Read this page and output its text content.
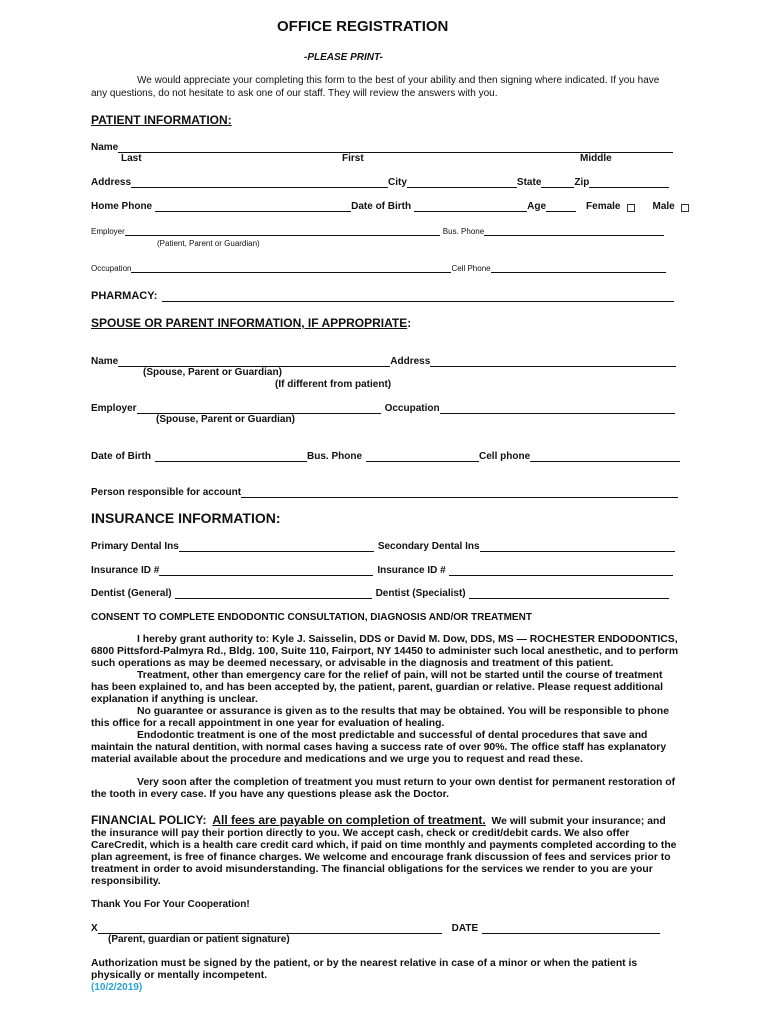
OFFICE REGISTRATION
-PLEASE PRINT-
We would appreciate your completing this form to the best of your ability and then signing where indicated. If you have
any questions, do not hesitate to ask one of our staff. They will review the answers with you.
PATIENT INFORMATION:
Name
Last	First	Middle
Address	City	State	Zip
Home Phone	Date of Birth	Age	Female	Male
Employer	Bus. Phone
(Patient, Parent or Guardian)
Occupation	Cell Phone
PHARMACY:
SPOUSE OR PARENT INFORMATION, IF APPROPRIATE:
Name	Address
(Spouse, Parent or Guardian)
(If different from patient)
Employer	Occupation
(Spouse, Parent or Guardian)
Date of Birth	Bus. Phone	Cell phone
Person responsible for account
INSURANCE INFORMATION:
Primary Dental Ins	Secondary Dental Ins
Insurance ID #	Insurance ID #
Dentist (General)	Dentist (Specialist)
CONSENT TO COMPLETE ENDODONTIC CONSULTATION, DIAGNOSIS AND/OR TREATMENT
I hereby grant authority to: Kyle J. Saisselin, DDS or David M. Dow, DDS, MS — ROCHESTER ENDODONTICS, 6800 Pittsford-Palmyra Rd., Bldg. 100, Suite 110, Fairport, NY 14450 to administer such local anesthetic, and to perform such operations as may be deemed necessary, or advisable in the diagnosis and treatment of this patient.
Treatment, other than emergency care for the relief of pain, will not be started until the course of treatment has been explained to, and has been accepted by, the patient, parent, guardian or relative. Please request additional explanation if anything is unclear.
No guarantee or assurance is given as to the results that may be obtained. You will be responsible to phone this office for a recall appointment in one year for evaluation of healing.
Endodontic treatment is one of the most predictable and successful of dental procedures that save and maintain the natural dentition, with normal cases having a success rate of over 90%. The office staff has explanatory material available about the procedure and medications and we urge you to request and read these.
Very soon after the completion of treatment you must return to your own dentist for permanent restoration of the tooth in every case. If you have any questions please ask the Doctor.
FINANCIAL POLICY: All fees are payable on completion of treatment. We will submit your insurance; and the insurance will pay their portion directly to you. We accept cash, check or credit/debit cards. We also offer CareCredit, which is a health care credit card which, if paid on time monthly and payments completed according to the plan agreement, is free of finance charges. We welcome and encourage frank discussion of fees and services prior to treatment in order to avoid misunderstanding. The financial obligations for the services we render to you are your responsibility.
Thank You For Your Cooperation!
X	DATE
(Parent, guardian or patient signature)
Authorization must be signed by the patient, or by the nearest relative in case of a minor or when the patient is physically or mentally incompetent.
(10/2/2019)
